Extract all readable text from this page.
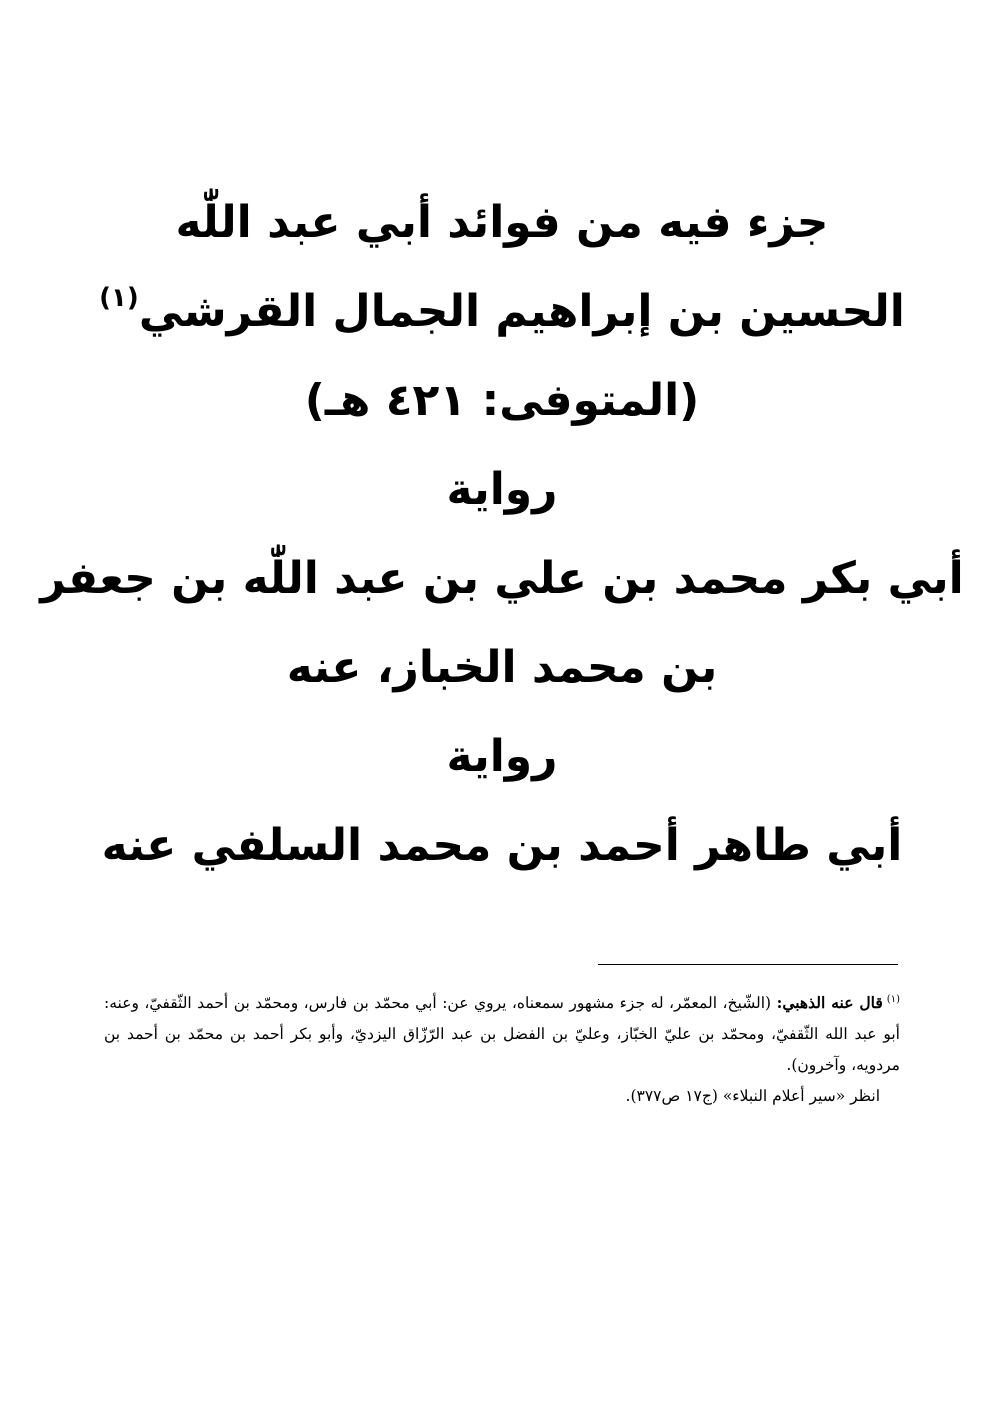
جزء فيه من فوائد أبي عبد اللّٰه

الحسين بن إبراهيم الجمال القرشي$^{(١)}$

(المتوفى: ٤٢١ هـ)

رواية

أبي بكر محمد بن علي بن عبد اللّٰه بن جعفر

بن محمد الخباز، عنه

رواية

أبي طاهر أحمد بن محمد السلفي عنه

$^{(١)}$قال عنه الذهبي: (الشّيخ، المعمّر، له جزء مشهور سمعناه، يروي عن: أبي محمّد بن فارس، ومحمّد بن أحمد الثّقفيّ، وعنه: أبو عبد الله الثّقفيّ، ومحمّد بن عليّ الخبّاز، وعليّ بن الفضل بن عبد الرّزّاق اليزديّ، وأبو بكر أحمد بن محمّد بن أحمد بن مردويه، وآخرون).

انظر «سير أعلام النبلاء» (ج١٧ ص٣٧٧).
